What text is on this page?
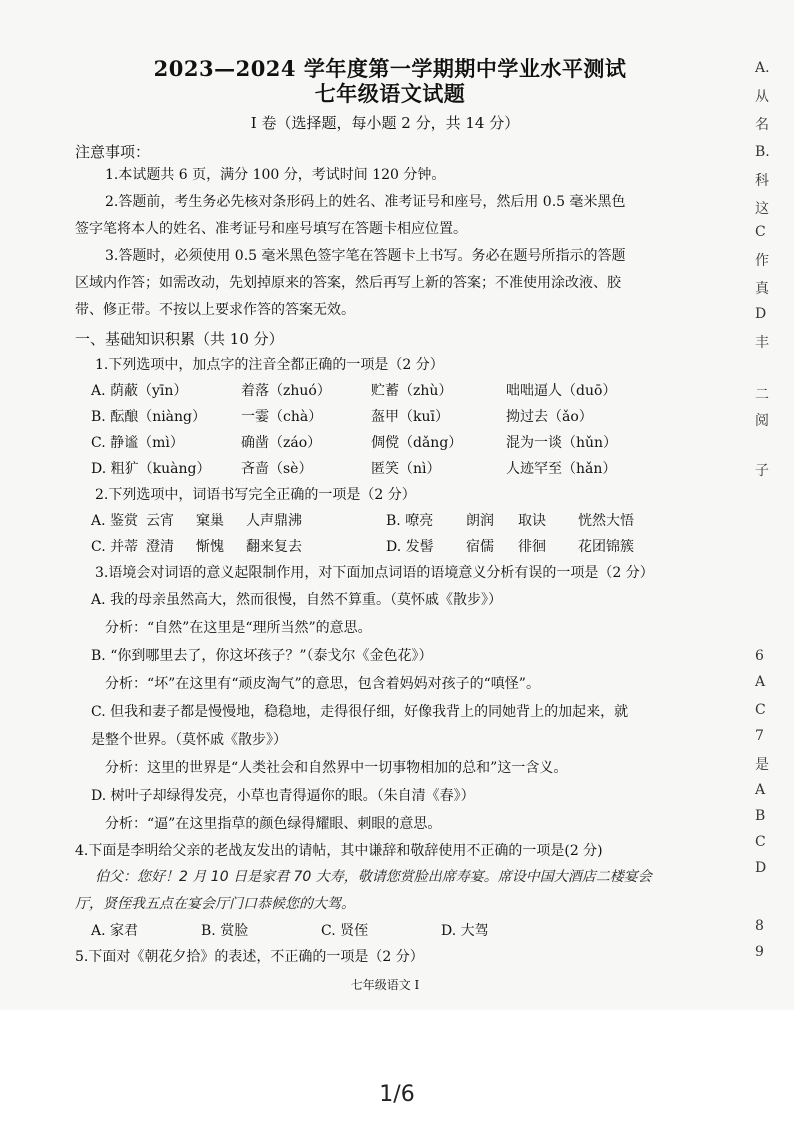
2023—2024 学年度第一学期期中学业水平测试
七年级语文试题
I 卷（选择题，每小题 2 分，共 14 分）
注意事项：
1.本试题共 6 页，满分 100 分，考试时间 120 分钟。
2.答题前，考生务必先核对条形码上的姓名、准考证号和座号，然后用 0.5 毫米黑色
签字笔将本人的姓名、准考证号和座号填写在答题卡相应位置。
3.答题时，必须使用 0.5 毫米黑色签字笔在答题卡上书写。务必在题号所指示的答题
区域内作答；如需改动，先划掉原来的答案，然后再写上新的答案；不准使用涂改液、胶
带、修正带。不按以上要求作答的答案无效。
一、基础知识积累（共 10 分）
1.下列选项中，加点字的注音全都正确的一项是（2 分）
A. 荫蔽（yīn）	着落（zhuó）	贮蓄（zhù）	咄咄逼人（duō）
B. 酝酿（niàng）	一霎（chà）	盔甲（kuī）	拗过去（ǎo）
C. 静谧（mì）	确凿（záo）	倜傥（dǎng）	混为一谈（hǔn）
D. 粗犷（kuàng）	吝啬（sè）	匿笑（nì）	人迹罕至（hǎn）
2.下列选项中，词语书写完全正确的一项是（2 分）
A. 鉴赏 云宵	窠巢	人声鼎沸	B. 嘹亮	朗润	取诀	恍然大悟
C. 并蒂 澄清	惭愧	翻来复去	D. 发髻	宿儒	徘徊	花团锦簇
3.语境会对词语的意义起限制作用，对下面加点词语的语境意义分析有误的一项是（2 分）
A. 我的母亲虽然高大，然而很慢，自然不算重。（莫怀戚《散步》）
分析：“自然”在这里是“理所当然”的意思。
B. “你到哪里去了，你这坏孩子？”（泰戈尔《金色花》）
分析：“坏”在这里有“顽皮淘气”的意思，包含着妈妈对孩子的“嗔怪”。
C. 但我和妻子都是慢慢地，稳稳地，走得很仔细，好像我背上的同她背上的加起来，就
是整个世界。（莫怀戚《散步》）
分析：这里的世界是“人类社会和自然界中一切事物相加的总和”这一含义。
D. 树叶子却绿得发亮，小草也青得逼你的眼。（朱自清《春》）
分析：“逼”在这里指草的颜色绿得耀眼、刺眼的意思。
4.下面是李明给父亲的老战友发出的请帖，其中谦辞和敬辞使用不正确的一项是(2 分)
伯父：您好！2 月 10 日是家君 70 大寿，敬请您赏脸出席寿宴。席设中国大酒店二楼宴会
厅，贤侄我五点在宴会厅门口恭候您的大驾。
A. 家君	B. 赏脸	C. 贤侄	D. 大驾
5.下面对《朝花夕拾》的表述，不正确的一项是（2 分）
七年级语文 Ⅰ
A.
从
名
B.
科
这
C
作
真
D
丰
二
阅
子
6
A
C
7
是
A
B
C
D
8
9
1/6
